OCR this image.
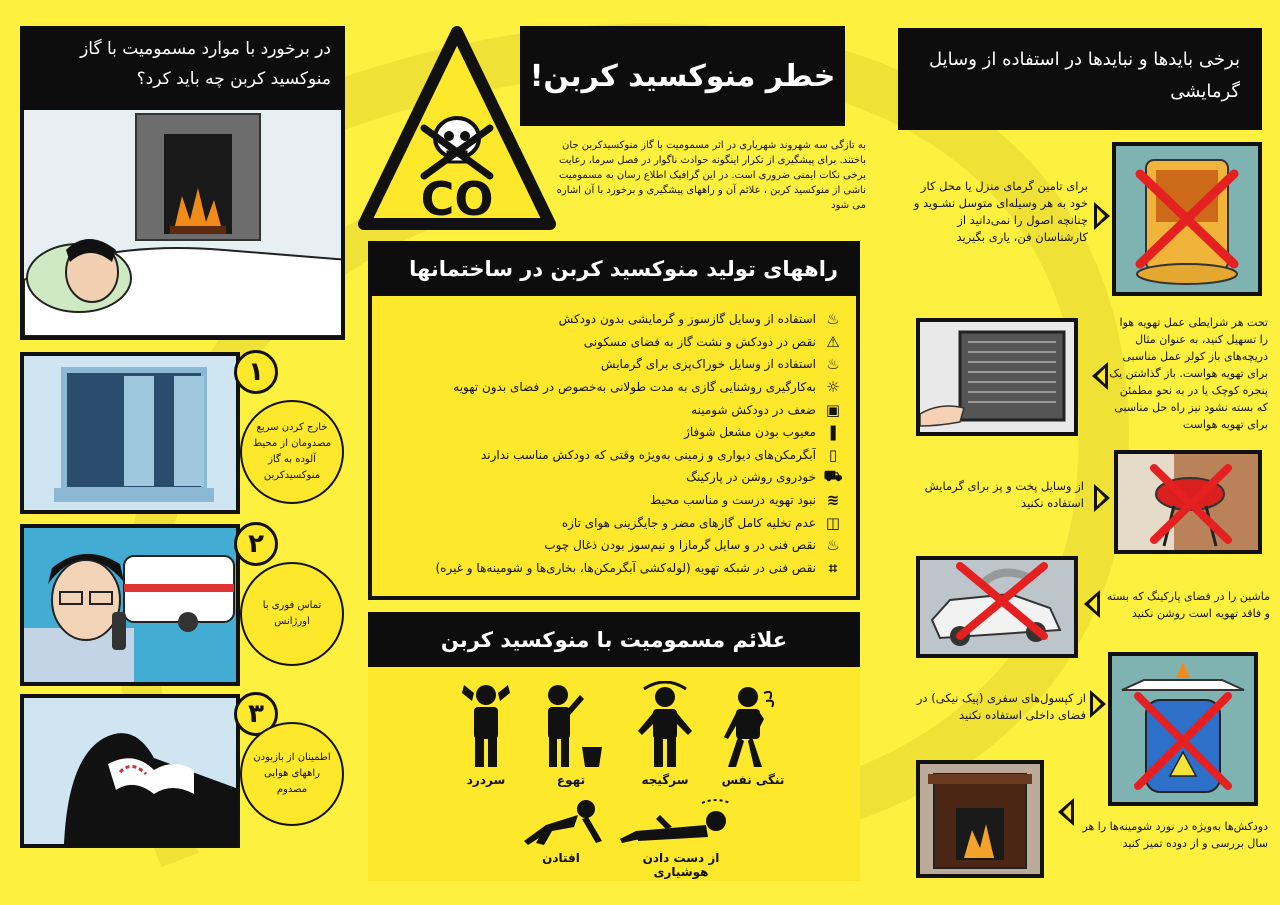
CO
خطر منوکسید کربن!
به تازگی سه شهروند شهریاری در اثر مسمومیت با گاز منوکسیدکربن جان باختند. برای پیشگیری از تکرار اینگونه حوادث ناگوار در فصل سرما، رعایت برخی نکات ایمنی ضروری است. در این گرافیک اطلاع رسان به مسمومیت ناشی از منوکسید کربن ، علائم آن و راههای پیشگیری و برخورد با آن اشاره می شود
راههای تولید منوکسید کربن در ساختمانها
♨
استفاده از وسایل گازسوز و گرمایشی بدون دودکش
⚠
نقص در دودکش و نشت گاز به فضای مسکونی
♨
استفاده از وسایل خوراک‌پزی برای گرمایش
☼
به‌کارگیری روشنایی گازی به مدت طولانی به‌خصوص در فضای بدون تهویه
▣
ضعف در دودکش شومینه
❚
معیوب بودن مشعل شوفاژ
▯
آبگرمکن‌های دیواری و زمینی به‌ویژه وقتی که دودکش مناسب ندارند
⛟
خودروی روشن در پارکینگ
≋
نبود تهویه درست و مناسب محیط
◫
عدم تخلیه کامل گازهای مضر و جایگزینی هوای تازه
♨
نقص فنی در و سایل گرمازا و نیم‌سوز بودن ذغال چوب
⌗
نقص فنی در شبکه تهویه (لوله‌کشی آبگرمکن‌ها، بخاری‌ها و شومینه‌ها و غیره)
علائم مسمومیت با منوکسید کربن
سردرد	تهوع	سرگیجه	تنگی نفس
افتادن	از دست دادن هوشیاری
در برخورد با موارد مسمومیت با گاز منوکسید کربن چه باید کرد؟
۱
خارج کردن سریع مصدومان از محیط آلوده به گاز منوکسیدکربن
۲
تماس فوری با اورژانس
۳
اطمینان از بازبودن راههای هوایی مصدوم
برخی بایدها و نبایدها در استفاده از وسایل گرمایشی
برای تامین گرمای منزل یا محل کار خود به هر وسیله‌ای متوسل نشـوید و چنانچه اصول را نمی‌دانید از کارشناسان فن، یاری بگیرید
تحت هر شرایطی عمل تهویه هوا را تسهیل کنید، به عنوان مثال دریچه‌های باز کولر عمل مناسبی برای تهویه هواست. باز گذاشتن یک پنجره کوچک یا در به نحو مطمئن که بسته نشود نیز راه حل مناسبی برای تهویه هواست
از وسایل پخت و پز برای گرمایش استفاده نکنید
ماشین را در فضای پارکینگ که بسته و فاقد تهویه است روشن نکنید
از کپسول‌های سفری (پیک نیکی) در فضای داخلی استفاده نکنید
دودکش‌ها به‌ویژه در نورد شومینه‌ها را هر سال بررسی و از دوده تمیز کنید
